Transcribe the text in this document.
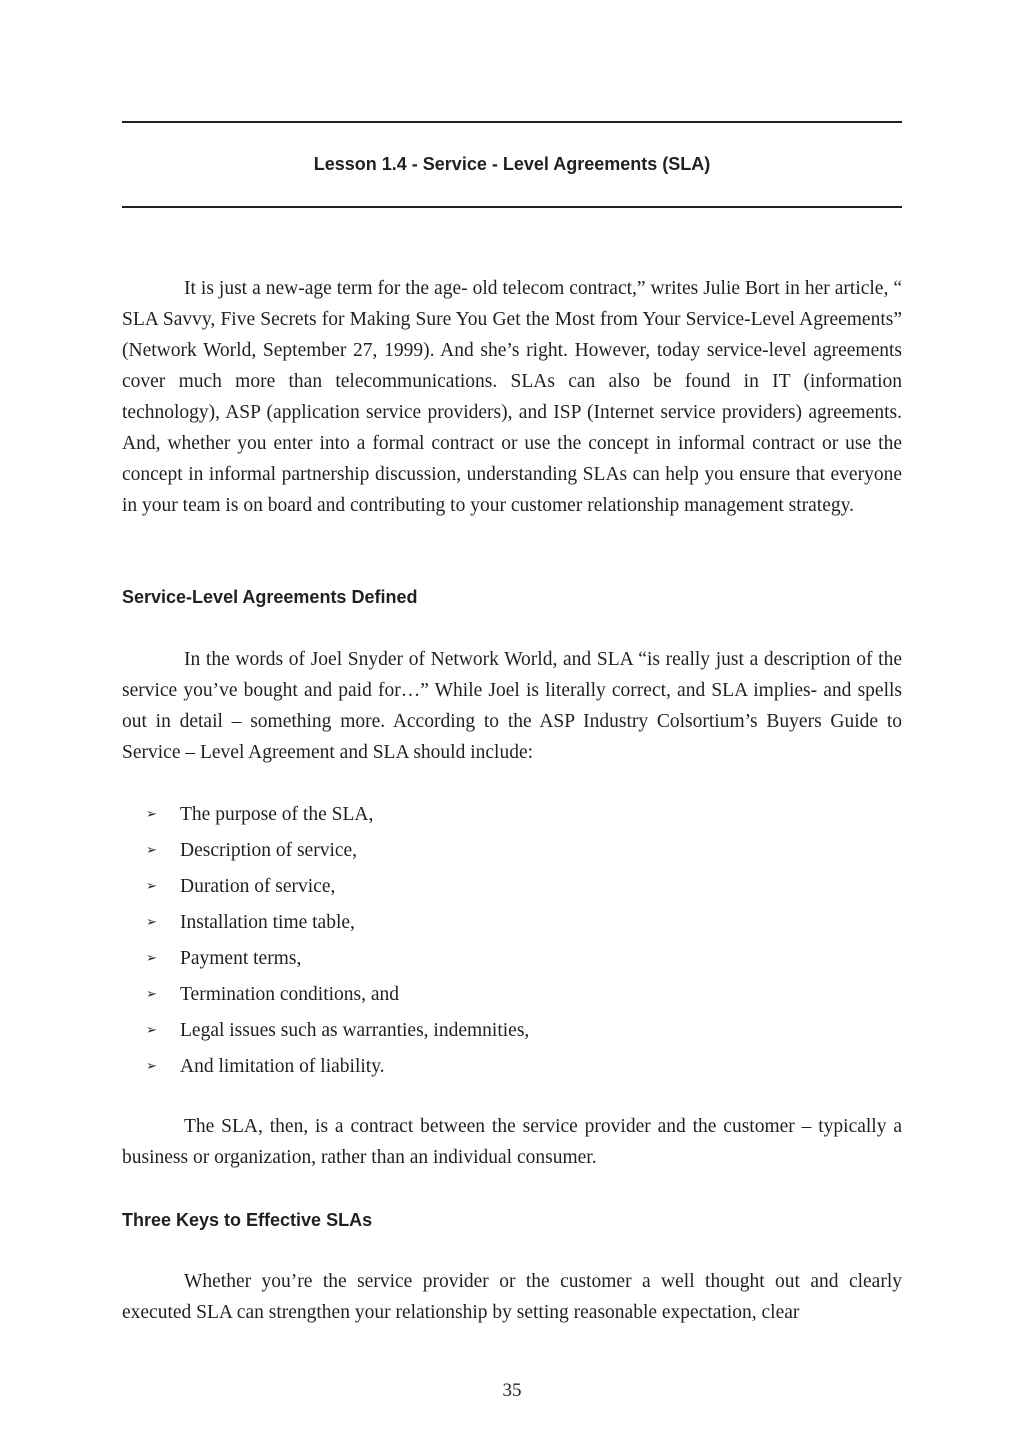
Lesson 1.4 - Service - Level Agreements (SLA)

It is just a new-age term for the age- old telecom contract,” writes Julie Bort in her article, “ SLA Savvy, Five Secrets for Making Sure You Get the Most from Your Service-Level Agreements” (Network World, September 27, 1999). And she’s right. However, today service-level agreements cover much more than telecommunications. SLAs can also be found in IT (information technology), ASP (application service providers), and ISP (Internet service providers) agreements. And, whether you enter into a formal contract or use the concept in informal contract or use the concept in informal partnership discussion, understanding SLAs can help you ensure that everyone in your team is on board and contributing to your customer relationship management strategy.

Service-Level Agreements Defined

In the words of Joel Snyder of Network World, and SLA “is really just a description of the service you’ve bought and paid for…” While Joel is literally correct, and SLA implies- and spells out in detail – something more. According to the ASP Industry Colsortium’s Buyers Guide to Service – Level Agreement and SLA should include:

➢ The purpose of the SLA,
➢ Description of service,
➢ Duration of service,
➢ Installation time table,
➢ Payment terms,
➢ Termination conditions, and
➢ Legal issues such as warranties, indemnities,
➢ And limitation of liability.

The SLA, then, is a contract between the service provider and the customer – typically a business or organization, rather than an individual consumer.

Three Keys to Effective SLAs

Whether you’re the service provider or the customer a well thought out and clearly executed SLA can strengthen your relationship by setting reasonable expectation, clear

35
